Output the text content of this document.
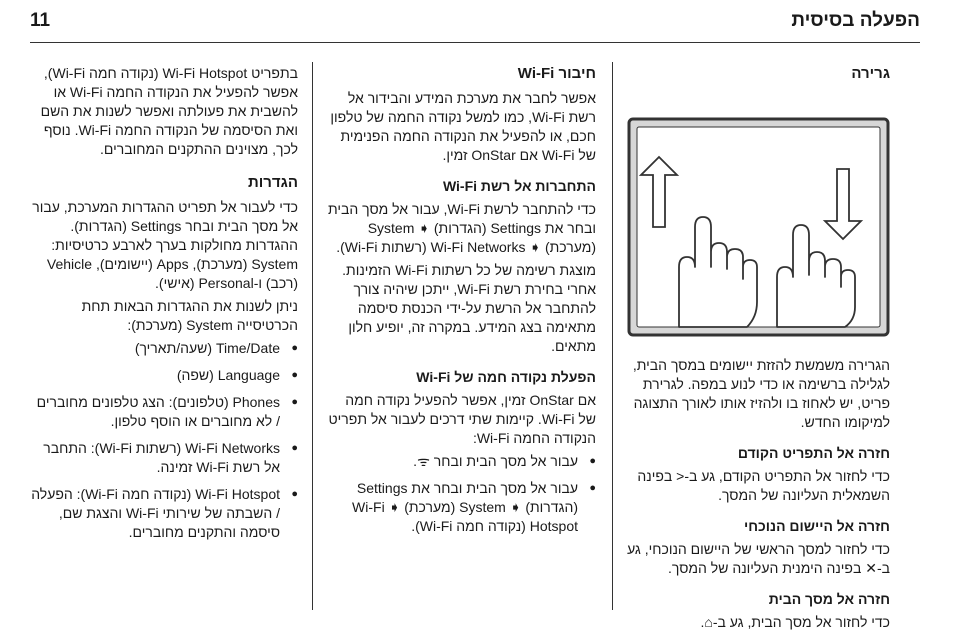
11	הפעלה בסיסית
גרירה

הגרירה משמשת להזזת יישומים במסך הבית, לגלילה ברשימה או כדי לנוע במפה. לגרירת פריט, יש לאחוז בו ולהזיז אותו לאורך התצוגה למיקומו החדש.

חזרה אל התפריט הקודם

כדי לחזור אל התפריט הקודם, גע ב-< בפינה השמאלית העליונה של המסך.

חזרה אל היישום הנוכחי

כדי לחזור למסך הראשי של היישום הנוכחי, גע ב-✕ בפינה הימנית העליונה של המסך.

חזרה אל מסך הבית

כדי לחזור אל מסך הבית, גע ב-⌂.

חיבור Wi-Fi

אפשר לחבר את מערכת המידע והבידור אל רשת Wi-Fi, כמו למשל נקודה החמה של טלפון חכם, או להפעיל את הנקודה החמה הפנימית של Wi-Fi אם OnStar זמין.

התחברות אל רשת Wi-Fi

כדי להתחבר לרשת Wi-Fi, עבור אל מסך הבית ובחר את Settings (הגדרות) ➧ System (מערכת) ➧ Wi-Fi Networks (רשתות Wi-Fi).

מוצגת רשימה של כל רשתות Wi-Fi הזמינות. אחרי בחירת רשת Wi-Fi, ייתכן שיהיה צורך להתחבר אל הרשת על-ידי הכנסת סיסמה מתאימה בצג המידע. במקרה זה, יופיע חלון מתאים.

הפעלת נקודה חמה של Wi-Fi

אם OnStar זמין, אפשר להפעיל נקודה חמה של Wi-Fi. קיימות שתי דרכים לעבור אל תפריט הנקודה החמה Wi-Fi:

● עבור אל מסך הבית ובחר ᯤ.
● עבור אל מסך הבית ובחר את Settings (הגדרות) ➧ System (מערכת) ➧ Wi-Fi Hotspot (נקודה חמה Wi-Fi).

בתפריט Wi-Fi Hotspot (נקודה חמה Wi-Fi), אפשר להפעיל את הנקודה החמה Wi-Fi או להשבית את פעולתה ואפשר לשנות את השם ואת הסיסמה של הנקודה החמה Wi-Fi. נוסף לכך, מצוינים ההתקנים המחוברים.

הגדרות

כדי לעבור אל תפריט ההגדרות המערכת, עבור אל מסך הבית ובחר Settings (הגדרות). ההגדרות מחולקות בערך לארבע כרטיסיות: System (מערכת), Apps (יישומים), Vehicle (רכב) ו-Personal (אישי).

ניתן לשנות את ההגדרות הבאות תחת הכרטיסייה System (מערכת):

● Time/Date (שעה/תאריך)
● Language (שפה)
● Phones (טלפונים): הצג טלפונים מחוברים / לא מחוברים או הוסף טלפון.
● Wi-Fi Networks (רשתות Wi-Fi): התחבר אל רשת Wi-Fi זמינה.
● Wi-Fi Hotspot (נקודה חמה Wi-Fi): הפעלה / השבתה של שירותי Wi-Fi והצגת שם, סיסמה והתקנים מחוברים.
